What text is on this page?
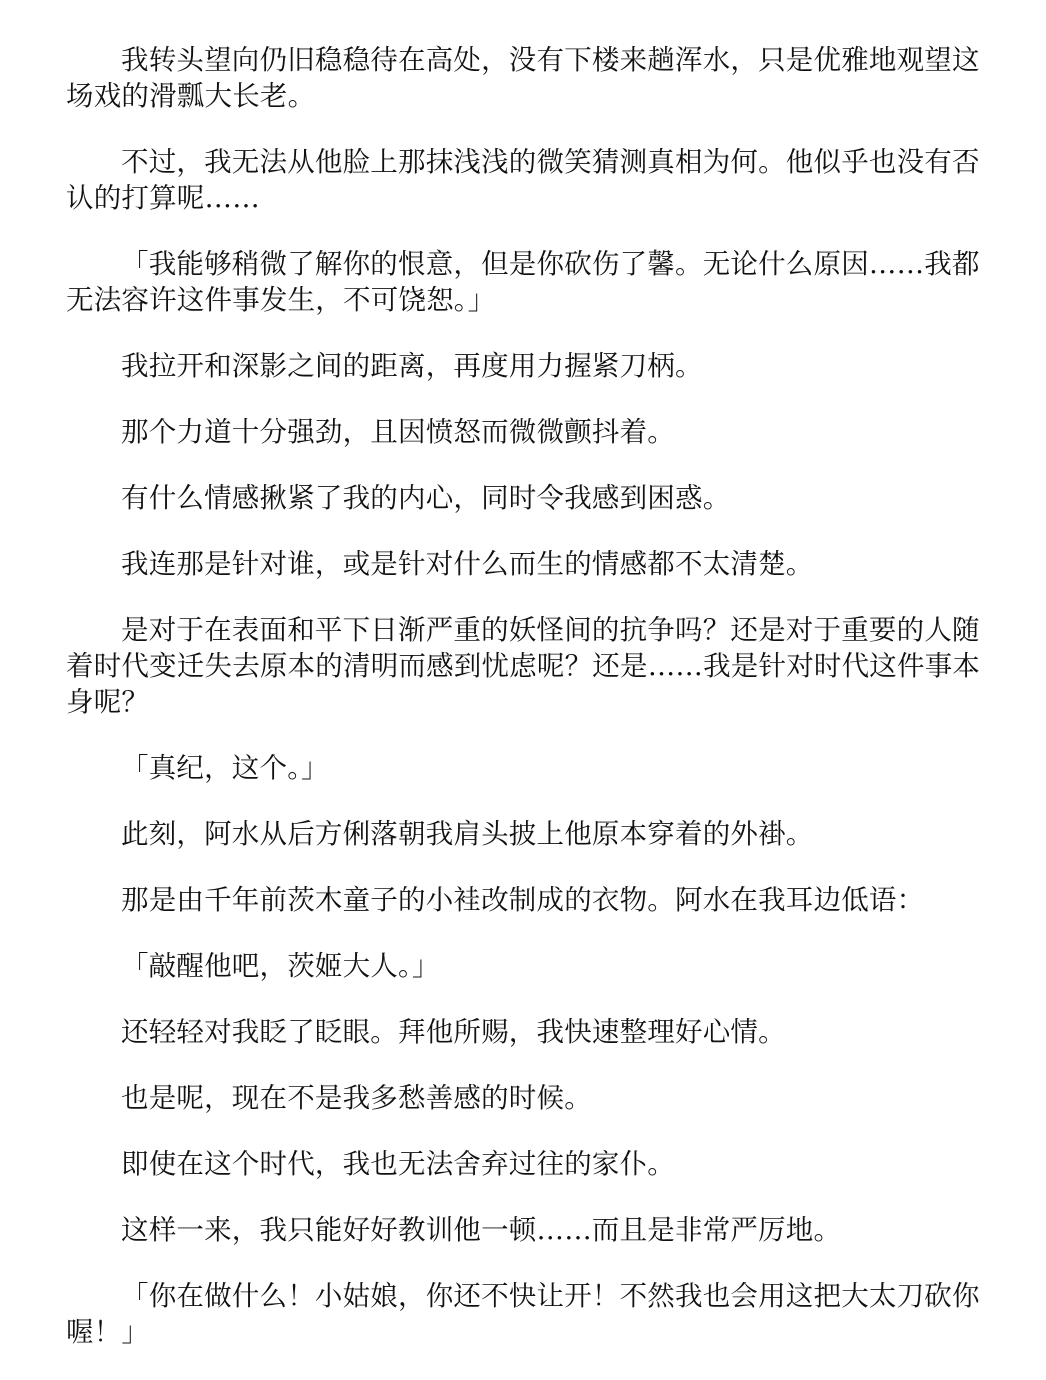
我转头望向仍旧稳稳待在高处，没有下楼来趟浑水，只是优雅地观望这场戏的滑瓢大长老。

不过，我无法从他脸上那抹浅浅的微笑猜测真相为何。他似乎也没有否认的打算呢……

「我能够稍微了解你的恨意，但是你砍伤了馨。无论什么原因……我都无法容许这件事发生，不可饶恕。」

我拉开和深影之间的距离，再度用力握紧刀柄。

那个力道十分强劲，且因愤怒而微微颤抖着。

有什么情感揪紧了我的内心，同时令我感到困惑。

我连那是针对谁，或是针对什么而生的情感都不太清楚。

是对于在表面和平下日渐严重的妖怪间的抗争吗？还是对于重要的人随着时代变迁失去原本的清明而感到忧虑呢？还是……我是针对时代这件事本身呢？

「真纪，这个。」

此刻，阿水从后方俐落朝我肩头披上他原本穿着的外褂。

那是由千年前茨木童子的小袿改制成的衣物。阿水在我耳边低语：

「敲醒他吧，茨姬大人。」

还轻轻对我眨了眨眼。拜他所赐，我快速整理好心情。

也是呢，现在不是我多愁善感的时候。

即使在这个时代，我也无法舍弃过往的家仆。

这样一来，我只能好好教训他一顿……而且是非常严厉地。

「你在做什么！小姑娘，你还不快让开！不然我也会用这把大太刀砍你喔！」
